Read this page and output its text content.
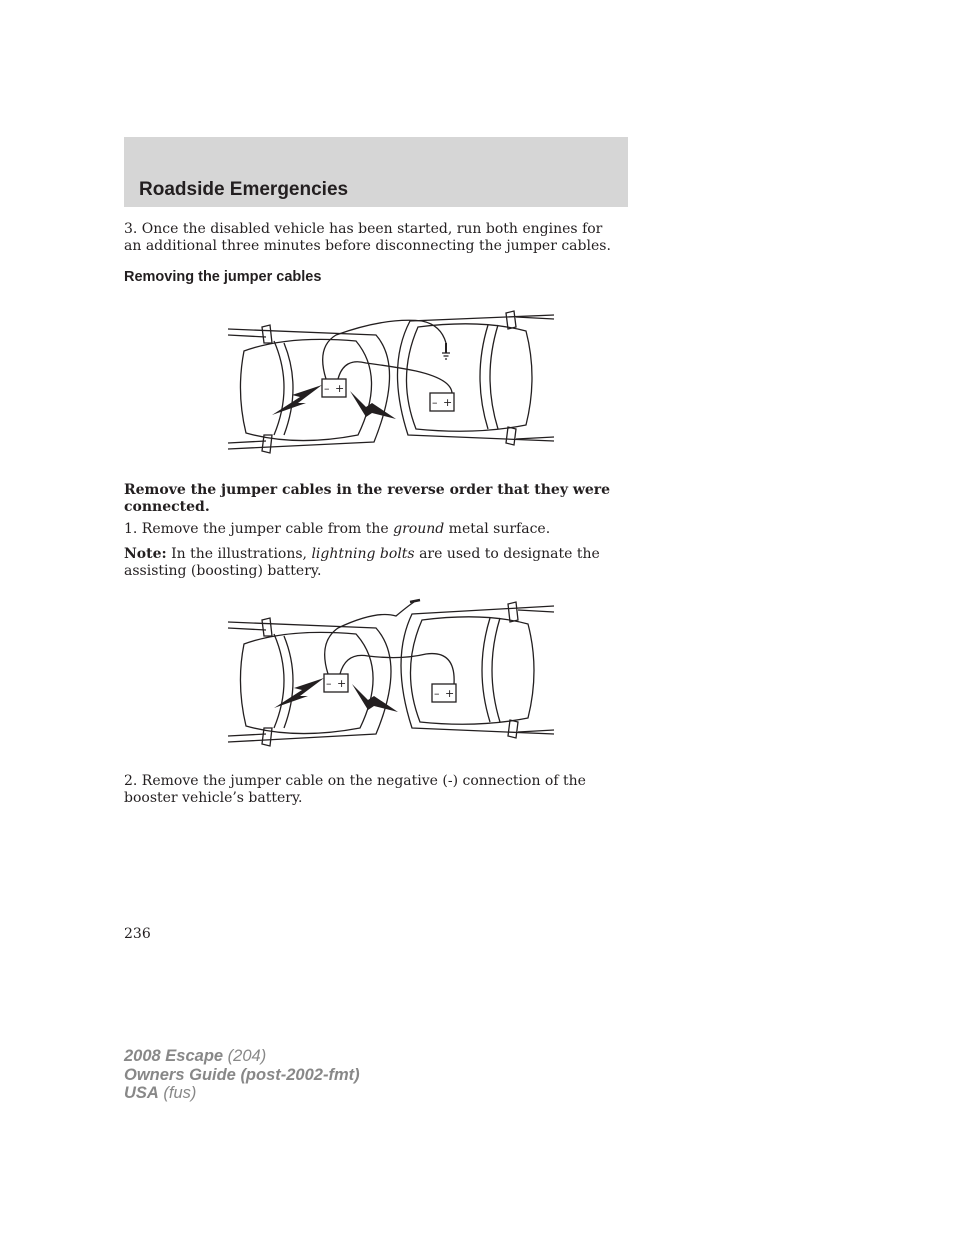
Roadside Emergencies

3. Once the disabled vehicle has been started, run both engines for an additional three minutes before disconnecting the jumper cables.

Removing the jumper cables
– +
– +

Remove the jumper cables in the reverse order that they were connected.

1. Remove the jumper cable from the ground metal surface.

Note: In the illustrations, lightning bolts are used to designate the assisting (boosting) battery.

– +
– +

2. Remove the jumper cable on the negative (-) connection of the booster vehicle’s battery.

236

2008 Escape (204)
Owners Guide (post-2002-fmt)
USA (fus)
